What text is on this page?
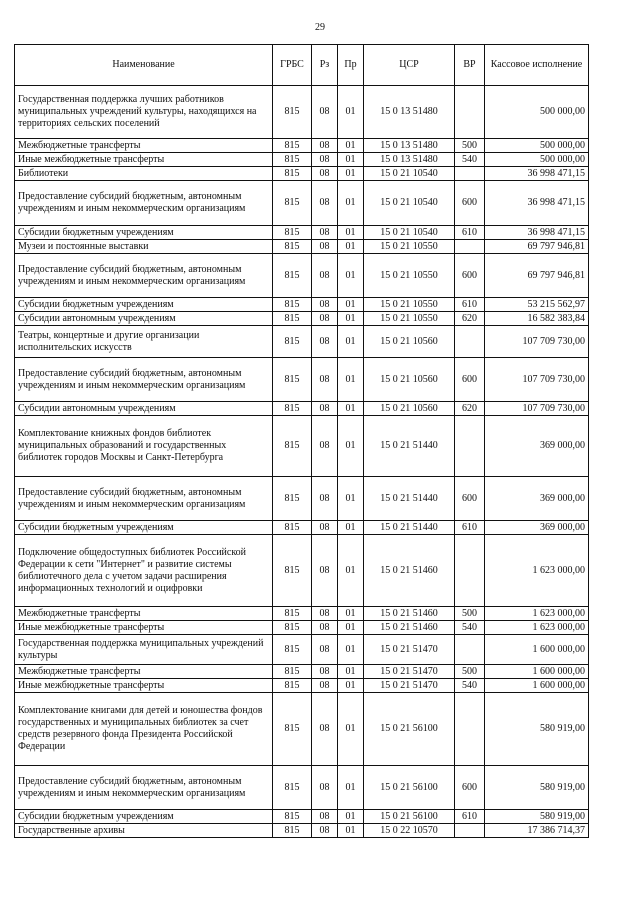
29
Наименование	ГРБС	Рз	Пр	ЦСР	ВР	Кассовое исполнение
Государственная поддержка лучших работников муниципальных учреждений культуры, находящихся на территориях сельских поселений	815	08	01	15 0 13 51480		500 000,00
Межбюджетные трансферты	815	08	01	15 0 13 51480	500	500 000,00
Иные межбюджетные трансферты	815	08	01	15 0 13 51480	540	500 000,00
Библиотеки	815	08	01	15 0 21 10540		36 998 471,15
Предоставление субсидий бюджетным, автономным учреждениям и иным некоммерческим организациям	815	08	01	15 0 21 10540	600	36 998 471,15
Субсидии бюджетным учреждениям	815	08	01	15 0 21 10540	610	36 998 471,15
Музеи и постоянные выставки	815	08	01	15 0 21 10550		69 797 946,81
Предоставление субсидий бюджетным, автономным учреждениям и иным некоммерческим организациям	815	08	01	15 0 21 10550	600	69 797 946,81
Субсидии бюджетным учреждениям	815	08	01	15 0 21 10550	610	53 215 562,97
Субсидии автономным учреждениям	815	08	01	15 0 21 10550	620	16 582 383,84
Театры, концертные и другие организации исполнительских искусств	815	08	01	15 0 21 10560		107 709 730,00
Предоставление субсидий бюджетным, автономным учреждениям и иным некоммерческим организациям	815	08	01	15 0 21 10560	600	107 709 730,00
Субсидии автономным учреждениям	815	08	01	15 0 21 10560	620	107 709 730,00
Комплектование книжных фондов библиотек муниципальных образований и государственных библиотек городов Москвы и Санкт-Петербурга	815	08	01	15 0 21 51440		369 000,00
Предоставление субсидий бюджетным, автономным учреждениям и иным некоммерческим организациям	815	08	01	15 0 21 51440	600	369 000,00
Субсидии бюджетным учреждениям	815	08	01	15 0 21 51440	610	369 000,00
Подключение общедоступных библиотек Российской Федерации к сети "Интернет" и развитие системы библиотечного дела с учетом задачи расширения информационных технологий и оцифровки	815	08	01	15 0 21 51460		1 623 000,00
Межбюджетные трансферты	815	08	01	15 0 21 51460	500	1 623 000,00
Иные межбюджетные трансферты	815	08	01	15 0 21 51460	540	1 623 000,00
Государственная поддержка муниципальных учреждений культуры	815	08	01	15 0 21 51470		1 600 000,00
Межбюджетные трансферты	815	08	01	15 0 21 51470	500	1 600 000,00
Иные межбюджетные трансферты	815	08	01	15 0 21 51470	540	1 600 000,00
Комплектование книгами для детей и юношества фондов государственных и муниципальных библиотек за счет средств резервного фонда Президента Российской Федерации	815	08	01	15 0 21 56100		580 919,00
Предоставление субсидий бюджетным, автономным учреждениям и иным некоммерческим организациям	815	08	01	15 0 21 56100	600	580 919,00
Субсидии бюджетным учреждениям	815	08	01	15 0 21 56100	610	580 919,00
Государственные архивы	815	08	01	15 0 22 10570		17 386 714,37
